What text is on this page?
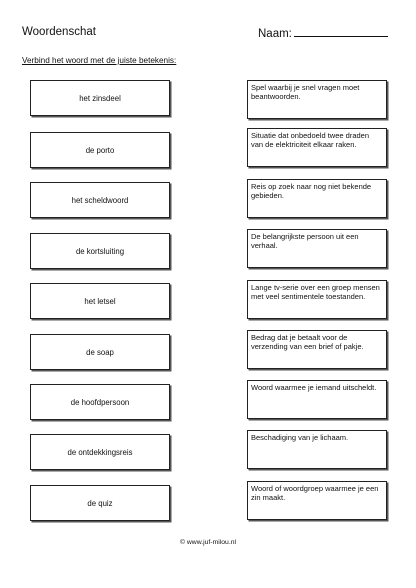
Woordenschat	Naam:
Verbind het woord met de juiste betekenis:
het zinsdeel
de porto
het scheldwoord
de kortsluiting
het letsel
de soap
de hoofdpersoon
de ontdekkingsreis
de quiz
Spel waarbij je snel vragen moet beantwoorden.
Situatie dat onbedoeld twee draden van de elektriciteit elkaar raken.
Reis op zoek naar nog niet bekende gebieden.
De belangrijkste persoon uit een verhaal.
Lange tv-serie over een groep mensen met veel sentimentele toestanden.
Bedrag dat je betaalt voor de verzending van een brief of pakje.
Woord waarmee je iemand uitscheldt.
Beschadiging van je lichaam.
Woord of woordgroep waarmee je een zin maakt.
© www.juf-milou.nl
